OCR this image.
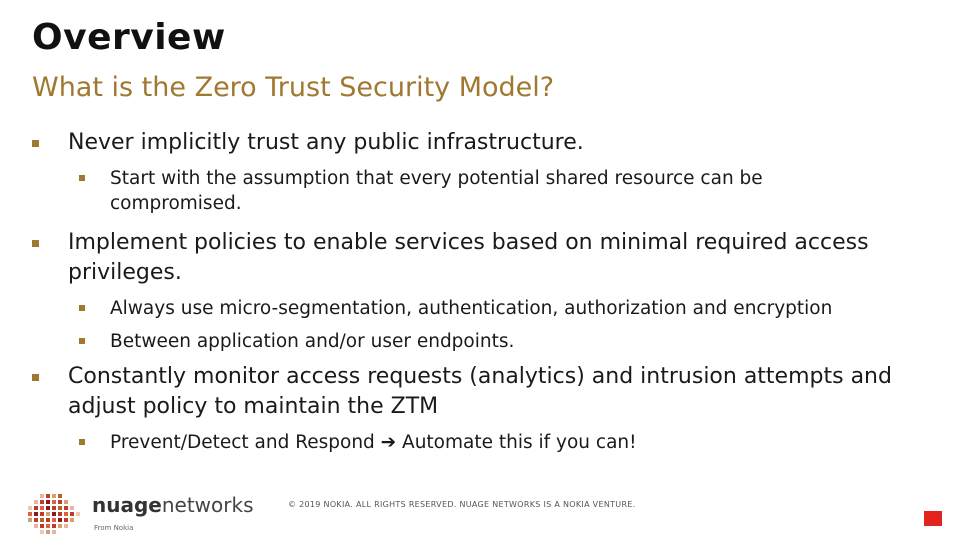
Overview
What is the Zero Trust Security Model?
Never implicitly trust any public infrastructure.
Start with the assumption that every potential shared resource can be compromised.
Implement policies to enable services based on minimal required access privileges.
Always use micro-segmentation, authentication, authorization and encryption
Between application and/or user endpoints.
Constantly monitor access requests (analytics) and intrusion attempts and adjust policy to maintain the ZTM
Prevent/Detect and Respond ➔ Automate this if you can!
nuagenetworks
From Nokia
© 2019 NOKIA. ALL RIGHTS RESERVED. NUAGE NETWORKS IS A NOKIA VENTURE.
